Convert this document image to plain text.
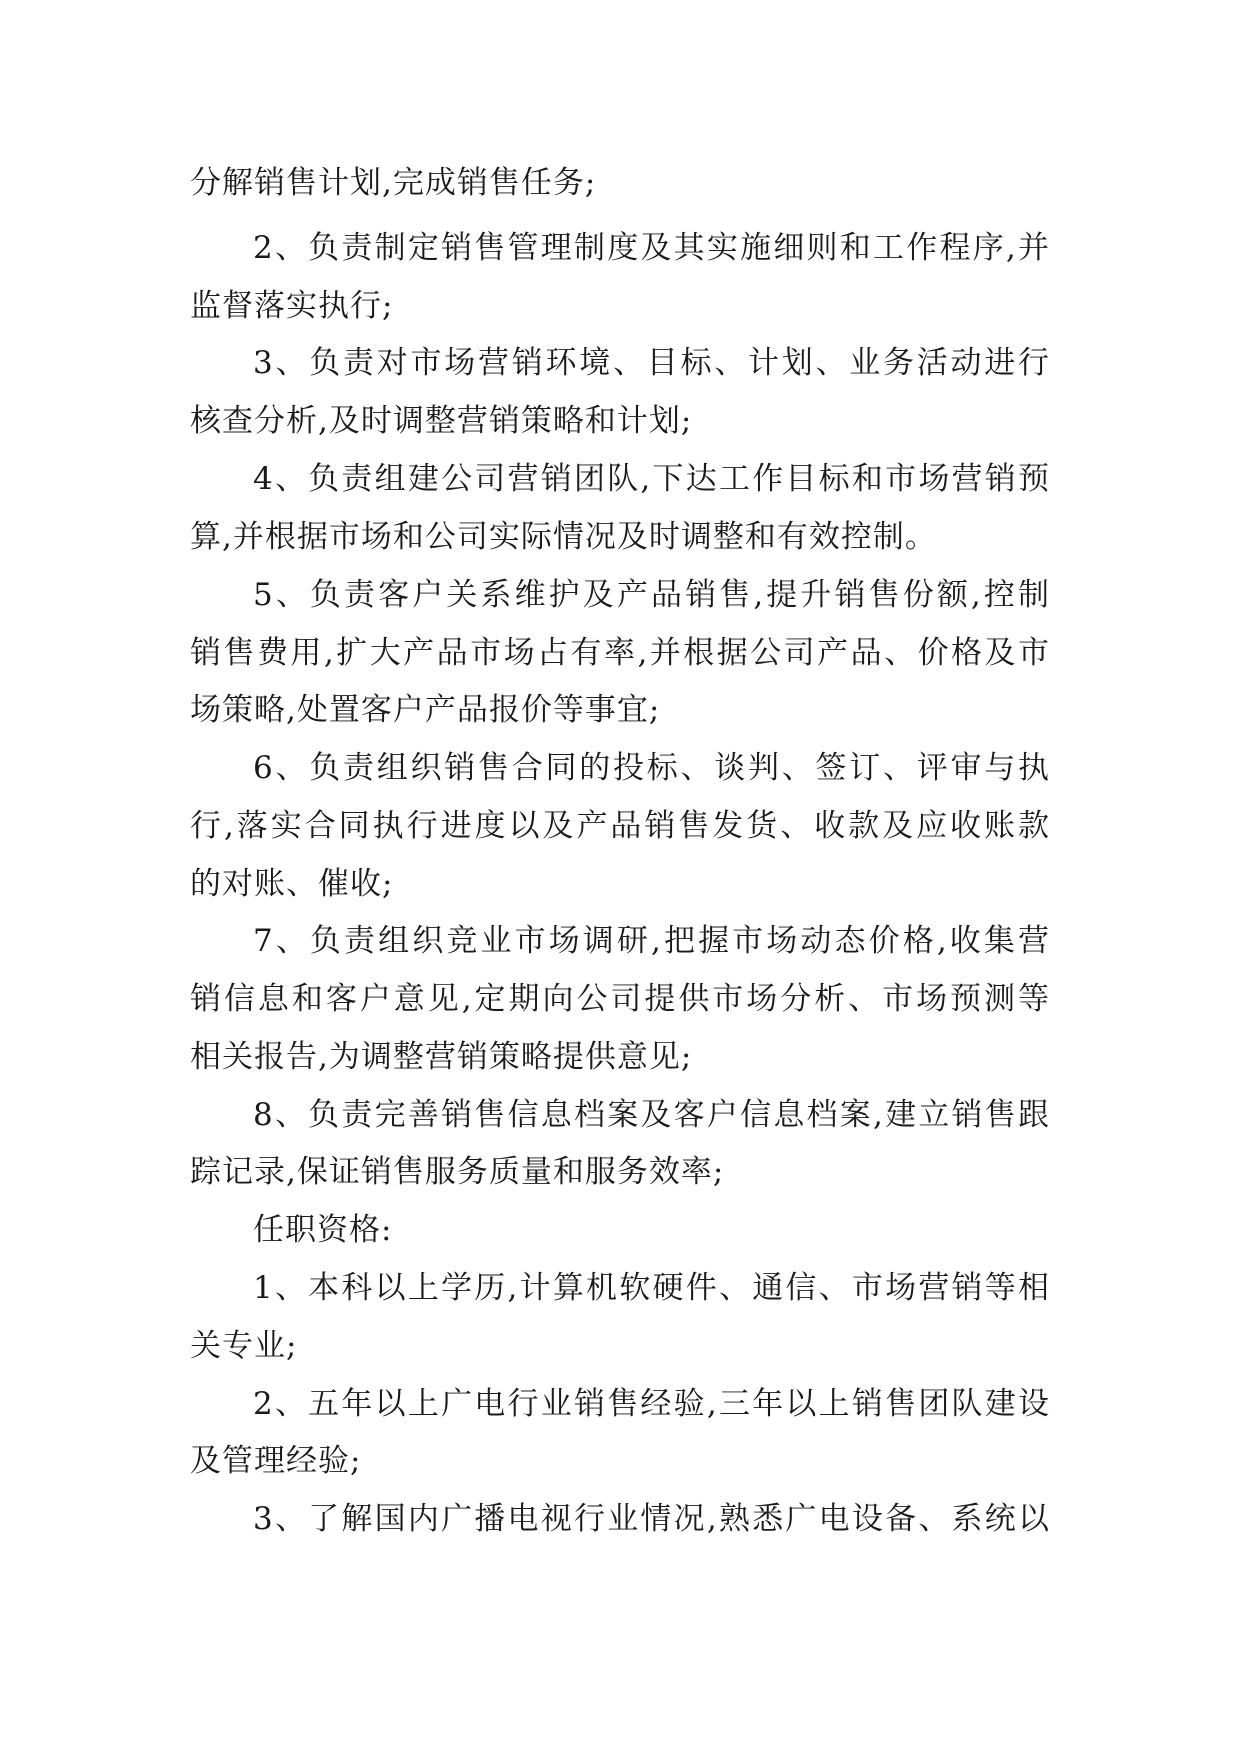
分解销售计划,完成销售任务;
2、负责制定销售管理制度及其实施细则和工作程序,并
监督落实执行;
3、负责对市场营销环境、目标、计划、业务活动进行
核查分析,及时调整营销策略和计划;
4、负责组建公司营销团队,下达工作目标和市场营销预
算,并根据市场和公司实际情况及时调整和有效控制。
5、负责客户关系维护及产品销售,提升销售份额,控制
销售费用,扩大产品市场占有率,并根据公司产品、价格及市
场策略,处置客户产品报价等事宜;
6、负责组织销售合同的投标、谈判、签订、评审与执
行,落实合同执行进度以及产品销售发货、收款及应收账款
的对账、催收;
7、负责组织竞业市场调研,把握市场动态价格,收集营
销信息和客户意见,定期向公司提供市场分析、市场预测等
相关报告,为调整营销策略提供意见;
8、负责完善销售信息档案及客户信息档案,建立销售跟
踪记录,保证销售服务质量和服务效率;
任职资格:
1、本科以上学历,计算机软硬件、通信、市场营销等相
关专业;
2、五年以上广电行业销售经验,三年以上销售团队建设
及管理经验;
3、了解国内广播电视行业情况,熟悉广电设备、系统以
